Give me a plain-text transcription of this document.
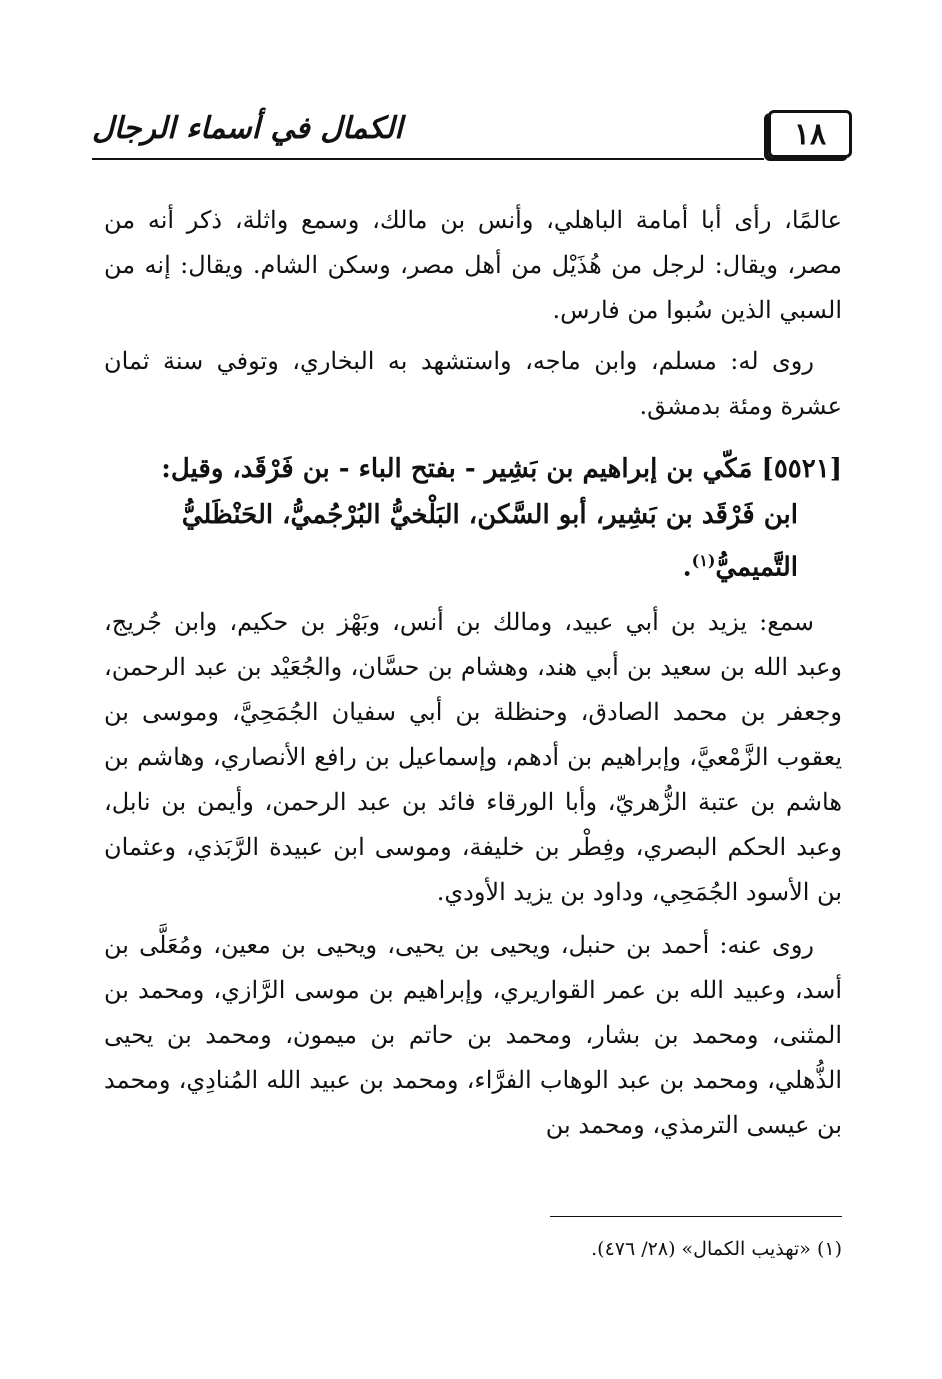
١٨
الكمال في أسماء الرجال

عالمًا، رأى أبا أمامة الباهلي، وأنس بن مالك، وسمع واثلة، ذكر أنه من مصر، ويقال: لرجل من هُذَيْل من أهل مصر، وسكن الشام. ويقال: إنه من السبي الذين سُبوا من فارس.

روى له: مسلم، وابن ماجه، واستشهد به البخاري، وتوفي سنة ثمان عشرة ومئة بدمشق.

[٥٥٢١] مَكّي بن إبراهيم بن بَشِير - بفتح الباء - بن فَرْقَد، وقيل:
ابن فَرْقَد بن بَشِير، أبو السَّكن، البَلْخيُّ البُرْجُميُّ، الحَنْظَليُّ
التَّميميُّ$^{(١)}$.

سمع: يزيد بن أبي عبيد، ومالك بن أنس، وبَهْز بن حكيم، وابن جُريج، وعبد الله بن سعيد بن أبي هند، وهشام بن حسَّان، والجُعَيْد بن عبد الرحمن، وجعفر بن محمد الصادق، وحنظلة بن أبي سفيان الجُمَحِيَّ، وموسى بن يعقوب الزَّمْعيَّ، وإبراهيم بن أدهم، وإسماعيل بن رافع الأنصاري، وهاشم بن هاشم بن عتبة الزُّهريّ، وأبا الورقاء فائد بن عبد الرحمن، وأيمن بن نابل، وعبد الحكم البصري، وفِطْر بن خليفة، وموسى ابن عبيدة الرَّبَذي، وعثمان بن الأسود الجُمَحِي، وداود بن يزيد الأودي.

روى عنه: أحمد بن حنبل، ويحيى بن يحيى، ويحيى بن معين، ومُعَلَّى بن أسد، وعبيد الله بن عمر القواريري، وإبراهيم بن موسى الرَّازي، ومحمد بن المثنى، ومحمد بن بشار، ومحمد بن حاتم بن ميمون، ومحمد بن يحيى الذُّهلي، ومحمد بن عبد الوهاب الفرَّاء، ومحمد بن عبيد الله المُنادِي، ومحمد بن عيسى الترمذي، ومحمد بن

(١) «تهذيب الكمال» (٢٨/ ٤٧٦).
